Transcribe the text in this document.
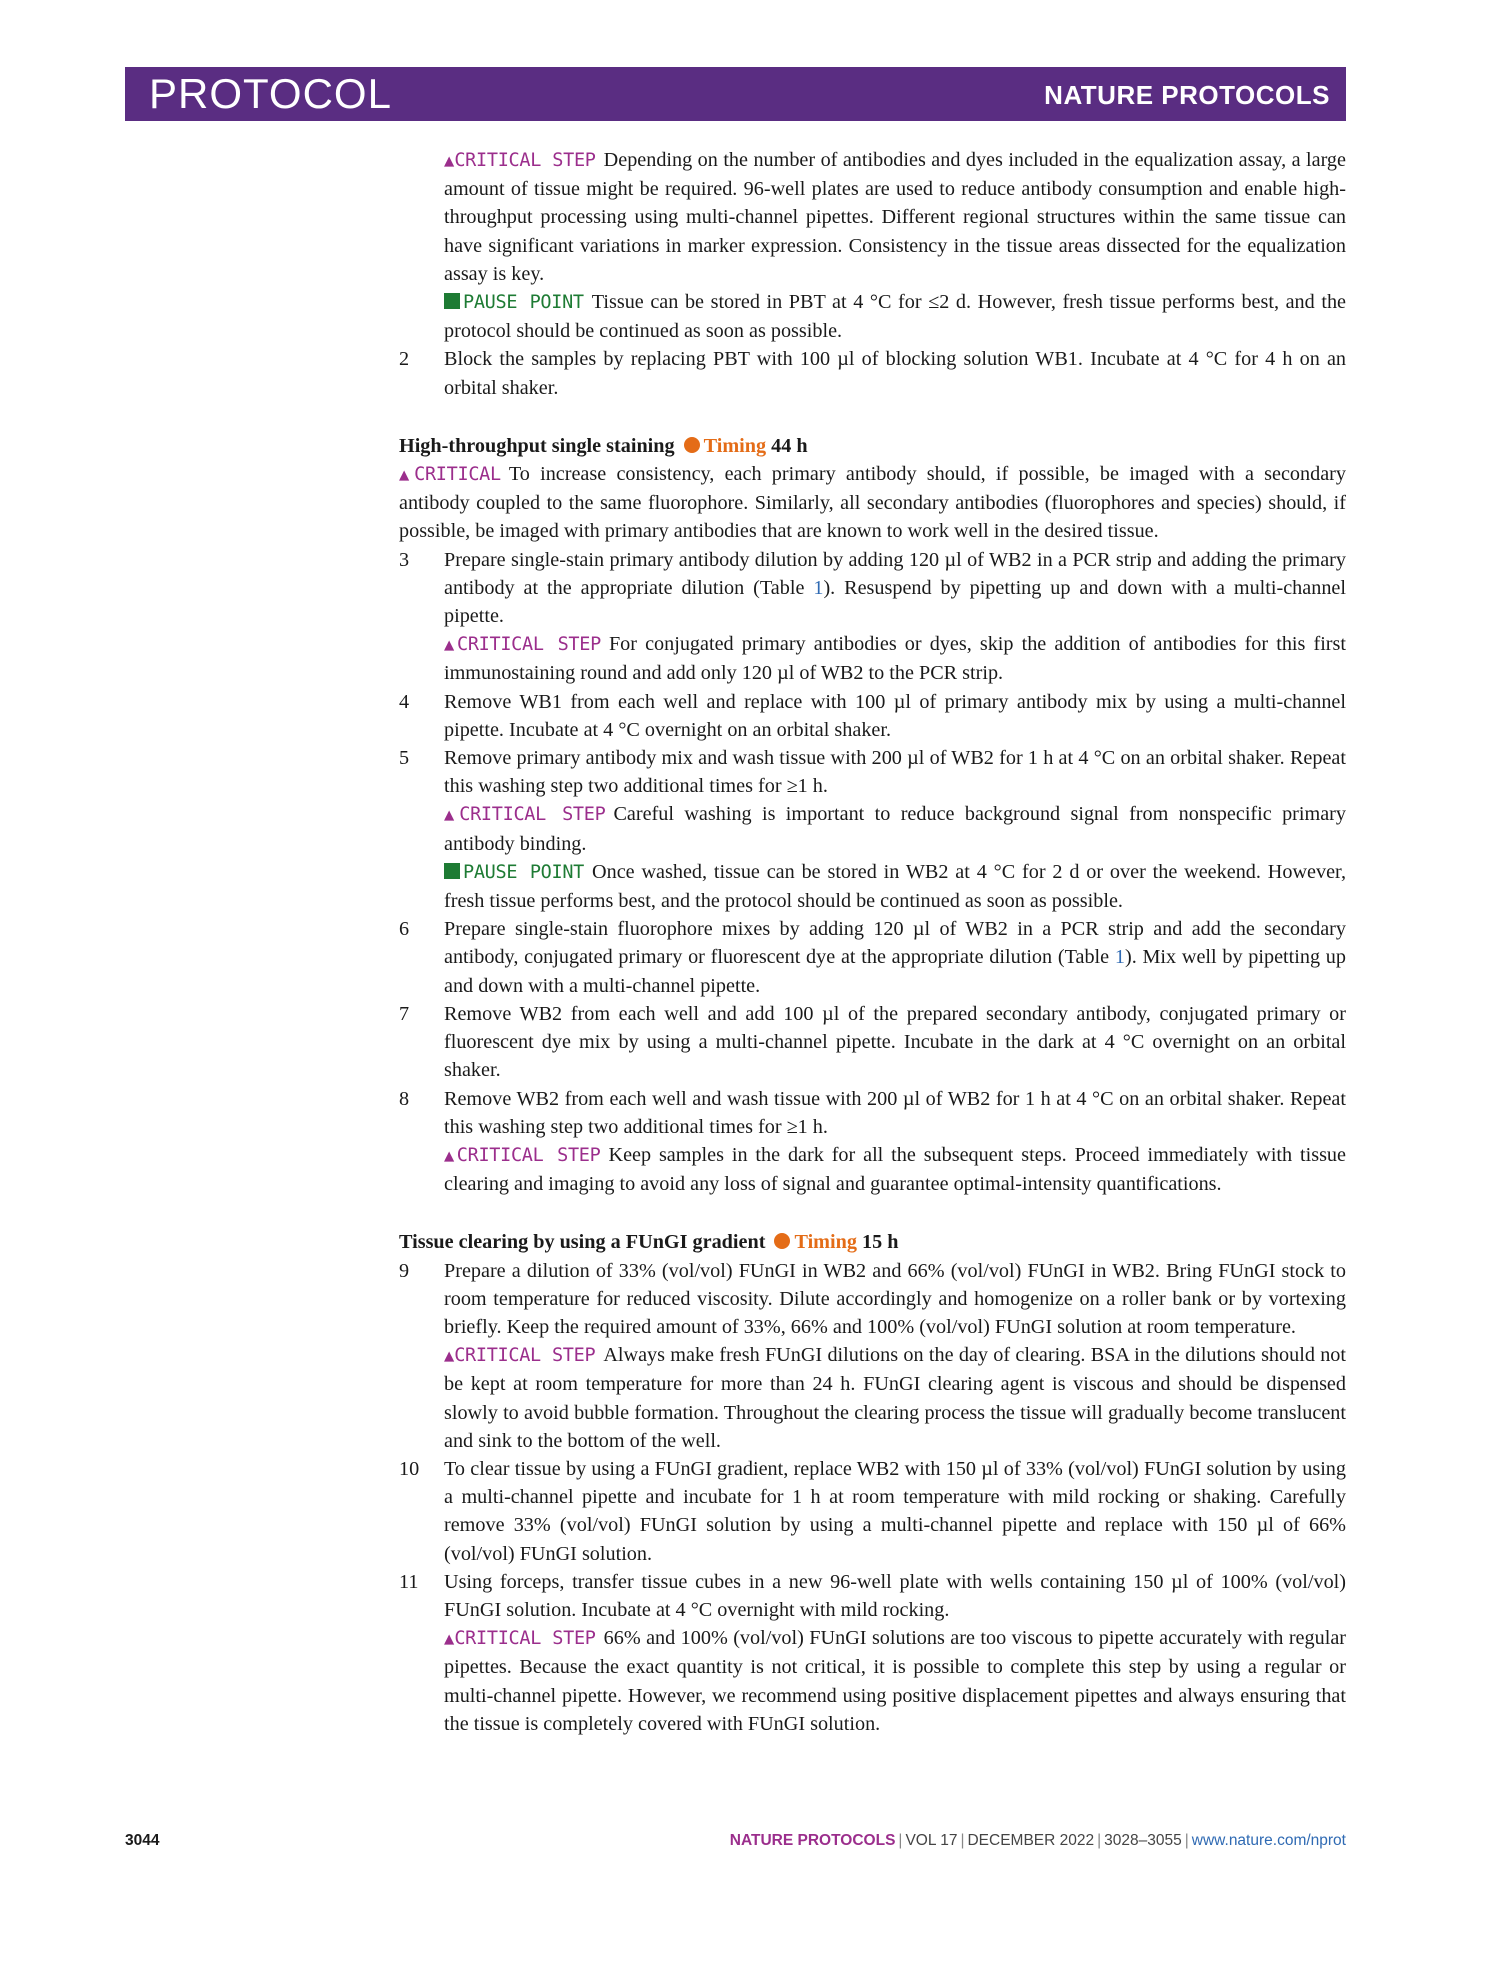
PROTOCOL	NATURE PROTOCOLS

▲CRITICAL STEP Depending on the number of antibodies and dyes included in the equalization assay, a large amount of tissue might be required. 96-well plates are used to reduce antibody consumption and enable high-throughput processing using multi-channel pipettes. Different regional structures within the same tissue can have significant variations in marker expression. Consistency in the tissue areas dissected for the equalization assay is key.

PAUSE POINT Tissue can be stored in PBT at 4 °C for ≤2 d. However, fresh tissue performs best, and the protocol should be continued as soon as possible.

2 Block the samples by replacing PBT with 100 µl of blocking solution WB1. Incubate at 4 °C for 4 h on an orbital shaker.

High-throughput single staining Timing 44 h

▲CRITICAL To increase consistency, each primary antibody should, if possible, be imaged with a secondary antibody coupled to the same fluorophore. Similarly, all secondary antibodies (fluorophores and species) should, if possible, be imaged with primary antibodies that are known to work well in the desired tissue.

3 Prepare single-stain primary antibody dilution by adding 120 µl of WB2 in a PCR strip and adding the primary antibody at the appropriate dilution (Table 1). Resuspend by pipetting up and down with a multi-channel pipette.

▲CRITICAL STEP For conjugated primary antibodies or dyes, skip the addition of antibodies for this first immunostaining round and add only 120 µl of WB2 to the PCR strip.

4 Remove WB1 from each well and replace with 100 µl of primary antibody mix by using a multi-channel pipette. Incubate at 4 °C overnight on an orbital shaker.

5 Remove primary antibody mix and wash tissue with 200 µl of WB2 for 1 h at 4 °C on an orbital shaker. Repeat this washing step two additional times for ≥1 h.

▲CRITICAL STEP Careful washing is important to reduce background signal from nonspecific primary antibody binding.

PAUSE POINT Once washed, tissue can be stored in WB2 at 4 °C for 2 d or over the weekend. However, fresh tissue performs best, and the protocol should be continued as soon as possible.

6 Prepare single-stain fluorophore mixes by adding 120 µl of WB2 in a PCR strip and add the secondary antibody, conjugated primary or fluorescent dye at the appropriate dilution (Table 1). Mix well by pipetting up and down with a multi-channel pipette.

7 Remove WB2 from each well and add 100 µl of the prepared secondary antibody, conjugated primary or fluorescent dye mix by using a multi-channel pipette. Incubate in the dark at 4 °C overnight on an orbital shaker.

8 Remove WB2 from each well and wash tissue with 200 µl of WB2 for 1 h at 4 °C on an orbital shaker. Repeat this washing step two additional times for ≥1 h.

▲CRITICAL STEP Keep samples in the dark for all the subsequent steps. Proceed immediately with tissue clearing and imaging to avoid any loss of signal and guarantee optimal-intensity quantifications.

Tissue clearing by using a FUnGI gradient Timing 15 h

9 Prepare a dilution of 33% (vol/vol) FUnGI in WB2 and 66% (vol/vol) FUnGI in WB2. Bring FUnGI stock to room temperature for reduced viscosity. Dilute accordingly and homogenize on a roller bank or by vortexing briefly. Keep the required amount of 33%, 66% and 100% (vol/vol) FUnGI solution at room temperature.

▲CRITICAL STEP Always make fresh FUnGI dilutions on the day of clearing. BSA in the dilutions should not be kept at room temperature for more than 24 h. FUnGI clearing agent is viscous and should be dispensed slowly to avoid bubble formation. Throughout the clearing process the tissue will gradually become translucent and sink to the bottom of the well.

10 To clear tissue by using a FUnGI gradient, replace WB2 with 150 µl of 33% (vol/vol) FUnGI solution by using a multi-channel pipette and incubate for 1 h at room temperature with mild rocking or shaking. Carefully remove 33% (vol/vol) FUnGI solution by using a multi-channel pipette and replace with 150 µl of 66% (vol/vol) FUnGI solution.

11 Using forceps, transfer tissue cubes in a new 96-well plate with wells containing 150 µl of 100% (vol/vol) FUnGI solution. Incubate at 4 °C overnight with mild rocking.

▲CRITICAL STEP 66% and 100% (vol/vol) FUnGI solutions are too viscous to pipette accurately with regular pipettes. Because the exact quantity is not critical, it is possible to complete this step by using a regular or multi-channel pipette. However, we recommend using positive displacement pipettes and always ensuring that the tissue is completely covered with FUnGI solution.

3044	NATURE PROTOCOLS | VOL 17 | DECEMBER 2022 | 3028–3055 | www.nature.com/nprot
